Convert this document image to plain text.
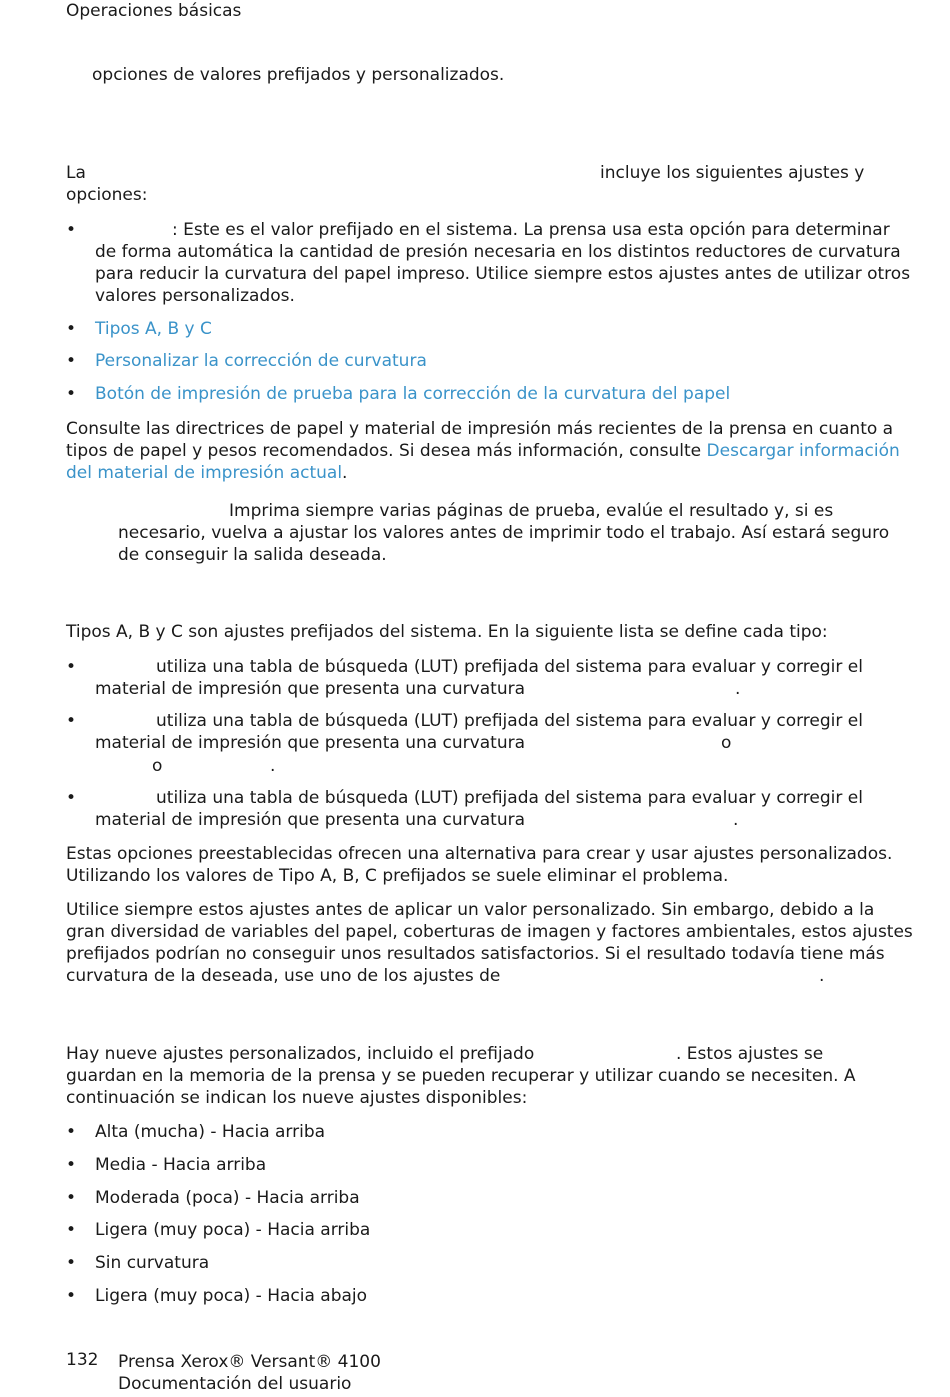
Operaciones básicas
opciones de valores prefijados y personalizados.
La	incluye los siguientes ajustes y
opciones:
•
: Este es el valor prefijado en el sistema. La prensa usa esta opción para determinar
de forma automática la cantidad de presión necesaria en los distintos reductores de curvatura
para reducir la curvatura del papel impreso. Utilice siempre estos ajustes antes de utilizar otros
valores personalizados.
•
Tipos A, B y C
•
Personalizar la corrección de curvatura
•
Botón de impresión de prueba para la corrección de la curvatura del papel
Consulte las directrices de papel y material de impresión más recientes de la prensa en cuanto a
tipos de papel y pesos recomendados. Si desea más información, consulte Descargar información
del material de impresión actual.
Imprima siempre varias páginas de prueba, evalúe el resultado y, si es
necesario, vuelva a ajustar los valores antes de imprimir todo el trabajo. Así estará seguro
de conseguir la salida deseada.
Tipos A, B y C son ajustes prefijados del sistema. En la siguiente lista se define cada tipo:
•
utiliza una tabla de búsqueda (LUT) prefijada del sistema para evaluar y corregir el
material de impresión que presenta una curvatura	.
•
utiliza una tabla de búsqueda (LUT) prefijada del sistema para evaluar y corregir el
material de impresión que presenta una curvatura	o
o	.
•
utiliza una tabla de búsqueda (LUT) prefijada del sistema para evaluar y corregir el
material de impresión que presenta una curvatura	.
Estas opciones preestablecidas ofrecen una alternativa para crear y usar ajustes personalizados.
Utilizando los valores de Tipo A, B, C prefijados se suele eliminar el problema.
Utilice siempre estos ajustes antes de aplicar un valor personalizado. Sin embargo, debido a la
gran diversidad de variables del papel, coberturas de imagen y factores ambientales, estos ajustes
prefijados podrían no conseguir unos resultados satisfactorios. Si el resultado todavía tiene más
curvatura de la deseada, use uno de los ajustes de	.
Hay nueve ajustes personalizados, incluido el prefijado	. Estos ajustes se
guardan en la memoria de la prensa y se pueden recuperar y utilizar cuando se necesiten. A
continuación se indican los nueve ajustes disponibles:
•
Alta (mucha) - Hacia arriba
•
Media - Hacia arriba
•
Moderada (poca) - Hacia arriba
•
Ligera (muy poca) - Hacia arriba
•
Sin curvatura
•
Ligera (muy poca) - Hacia abajo
132 Prensa Xerox® Versant® 4100
Documentación del usuario
